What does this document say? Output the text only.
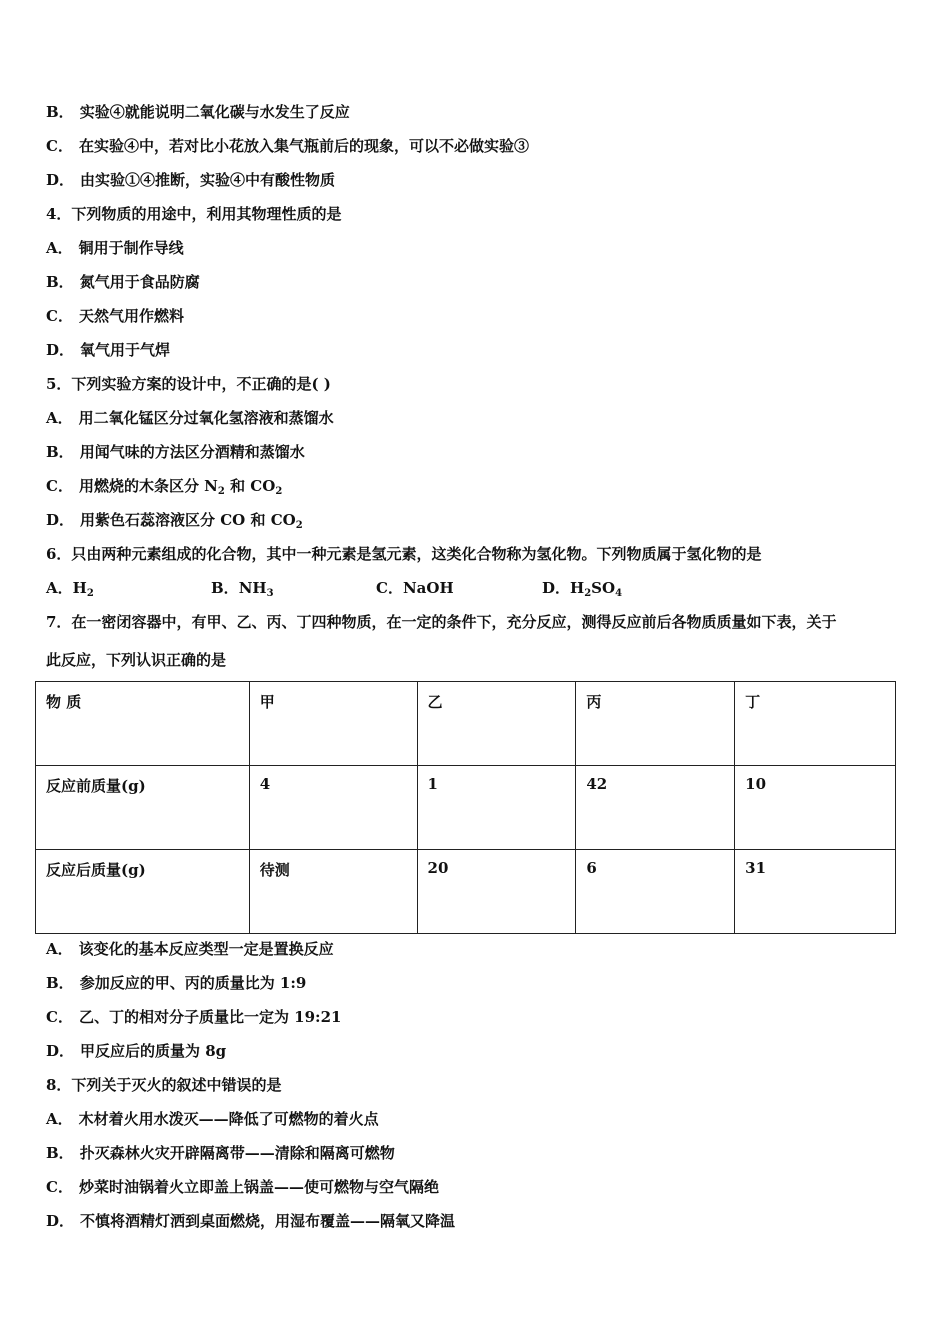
B． 实验④就能说明二氧化碳与水发生了反应
C． 在实验④中，若对比小花放入集气瓶前后的现象，可以不必做实验③
D． 由实验①④推断，实验④中有酸性物质
4．下列物质的用途中，利用其物理性质的是
A． 铜用于制作导线
B． 氮气用于食品防腐
C． 天然气用作燃料
D． 氧气用于气焊
5．下列实验方案的设计中，不正确的是( )
A． 用二氧化锰区分过氧化氢溶液和蒸馏水
B． 用闻气味的方法区分酒精和蒸馏水
C． 用燃烧的木条区分 $N_2$ 和 $CO_2$
D． 用紫色石蕊溶液区分 CO 和 $CO_2$
6．只由两种元素组成的化合物，其中一种元素是氢元素，这类化合物称为氢化物。下列物质属于氢化物的是
A．$H_2$	B．$NH_3$	C．NaOH	D．$H_2SO_4$
7．在一密闭容器中，有甲、乙、丙、丁四种物质，在一定的条件下，充分反应，测得反应前后各物质质量如下表，关于
此反应，下列认识正确的是
物 质	甲	乙	丙	丁
反应前质量(g)	4	1	42	10
反应后质量(g)	待测	20	6	31
A． 该变化的基本反应类型一定是置换反应
B． 参加反应的甲、丙的质量比为 1:9
C． 乙、丁的相对分子质量比一定为 19:21
D． 甲反应后的质量为 8g
8．下列关于灭火的叙述中错误的是
A． 木材着火用水泼灭——降低了可燃物的着火点
B． 扑灭森林火灾开辟隔离带——清除和隔离可燃物
C． 炒菜时油锅着火立即盖上锅盖——使可燃物与空气隔绝
D． 不慎将酒精灯洒到桌面燃烧，用湿布覆盖——隔氧又降温
